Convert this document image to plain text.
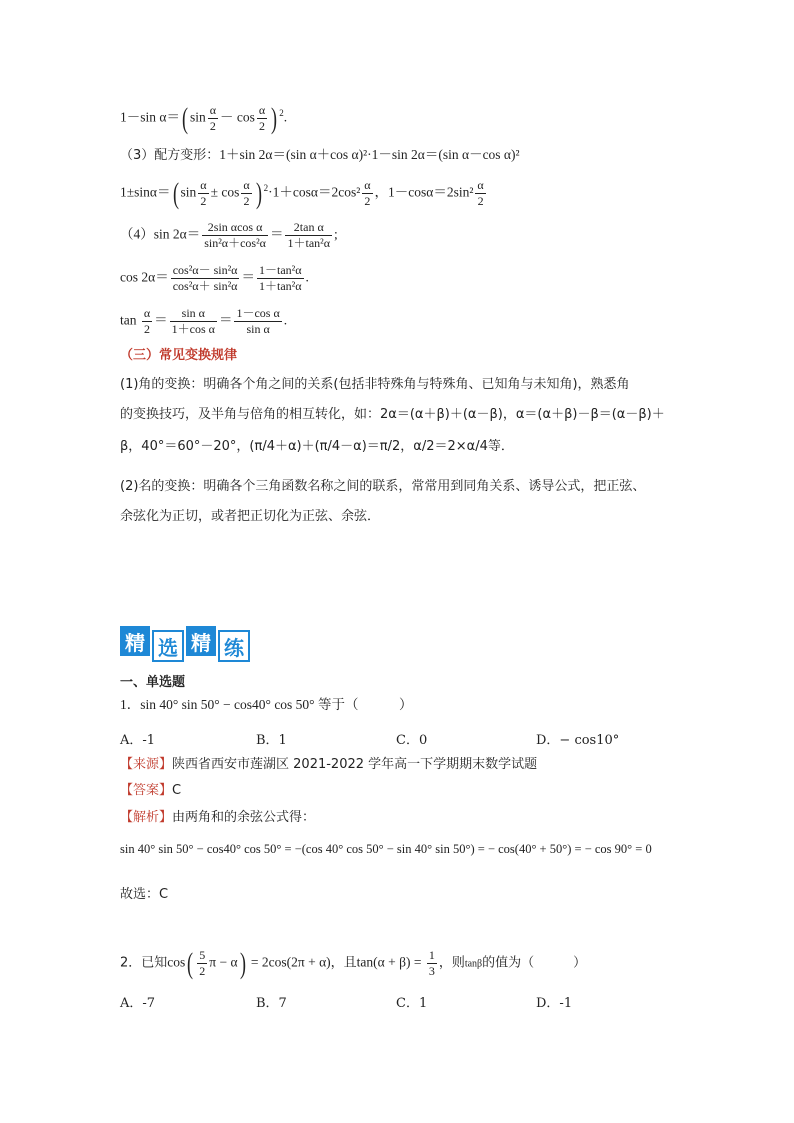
1－sin α＝( $\sin \frac{\alpha}{2} - \cos \frac{\alpha}{2}$ ) $^2$.
（3）配方变形：1＋sin 2α＝(sin α＋cos α)²·1－sin 2α＝(sin α－cos α)²
1±sinα＝( $\sin \frac{\alpha}{2} \pm \cos \frac{\alpha}{2}$ ) $^2\cdot 1+\cos\alpha=2\cos^2 \frac{\alpha}{2}$ ，$1-\cos\alpha=2\sin^2 \frac{\alpha}{2}$
（4）sin $2\alpha= \frac{\text{2sin αcos α}}{\text{sin²α＋cos²α}} = \frac{\text{2tan α}}{\text{1＋tan²α}}$ ;
$\cos 2\alpha= \frac{\text{cos²α－ sin²α}}{\text{cos²α＋ sin²α}} = \frac{\text{1－tan²α}}{\text{1＋tan²α}}$ .
$\tan \frac{\alpha}{2} = \frac{\text{sin α}}{\text{1＋cos α}} = \frac{\text{1－cos α}}{\text{sin α}}$ .
（三）常见变换规律
(1)角的变换：明确各个角之间的关系(包括非特殊角与特殊角、已知角与未知角)，熟悉角
的变换技巧，及半角与倍角的相互转化，如：2α＝(α＋β)＋(α－β)，α＝(α＋β)－β＝(α－β)＋
β，40°＝60°－20°，(π/4＋α)＋(π/4－α)＝π/2，α/2＝2×α/4等．
(2)名的变换：明确各个三角函数名称之间的联系，常常用到同角关系、诱导公式，把正弦、
余弦化为正切，或者把正切化为正弦、余弦．
精 选 精 练
一、单选题
1．sin 40° sin 50° − cos40° cos 50° 等于（　　　）
A．-1	B．1	C．0	D．− cos10°
【来源】陕西省西安市莲湖区 2021-2022 学年高一下学期期末数学试题
【答案】C
【解析】由两角和的余弦公式得：
sin 40° sin 50° − cos40° cos 50° = −(cos 40° cos 50° − sin 40° sin 50°) = − cos(40° + 50°) = − cos 90° = 0
故选：C
2．已知$\cos( \frac{5}{2}$ π − α) = 2cos(2π + α)，且$\tan(\alpha + \beta) = \frac{1}{3}$ ，则tanβ的值为（　　　）
A．-7	B．7	C．1	D．-1
